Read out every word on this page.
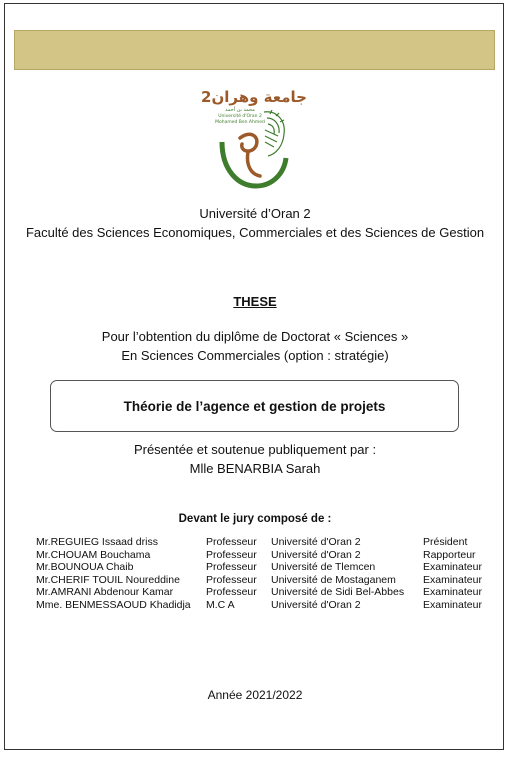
جامعة وهران2
محمد بن أحمد
Université d'Oran 2
Mohamed Ben Ahmed
Université d’Oran 2
Faculté des Sciences Economiques, Commerciales et des Sciences de Gestion
THESE
Pour l’obtention du diplôme de Doctorat « Sciences »
En Sciences Commerciales (option : stratégie)
Théorie de l’agence et gestion de projets
Présentée et soutenue publiquement par :
Mlle BENARBIA Sarah
Devant le jury composé de :
Mr.REGUIEG Issaad driss	Professeur	Université d'Oran 2	Président
Mr.CHOUAM Bouchama	Professeur	Université d'Oran 2	Rapporteur
Mr.BOUNOUA Chaib	Professeur	Université de Tlemcen	Examinateur
Mr.CHERIF TOUIL Noureddine	Professeur	Université de Mostaganem	Examinateur
Mr.AMRANI Abdenour Kamar	Professeur	Université de Sidi Bel-Abbes	Examinateur
Mme. BENMESSAOUD Khadidja	M.C A	Université d'Oran 2	Examinateur
Année 2021/2022
